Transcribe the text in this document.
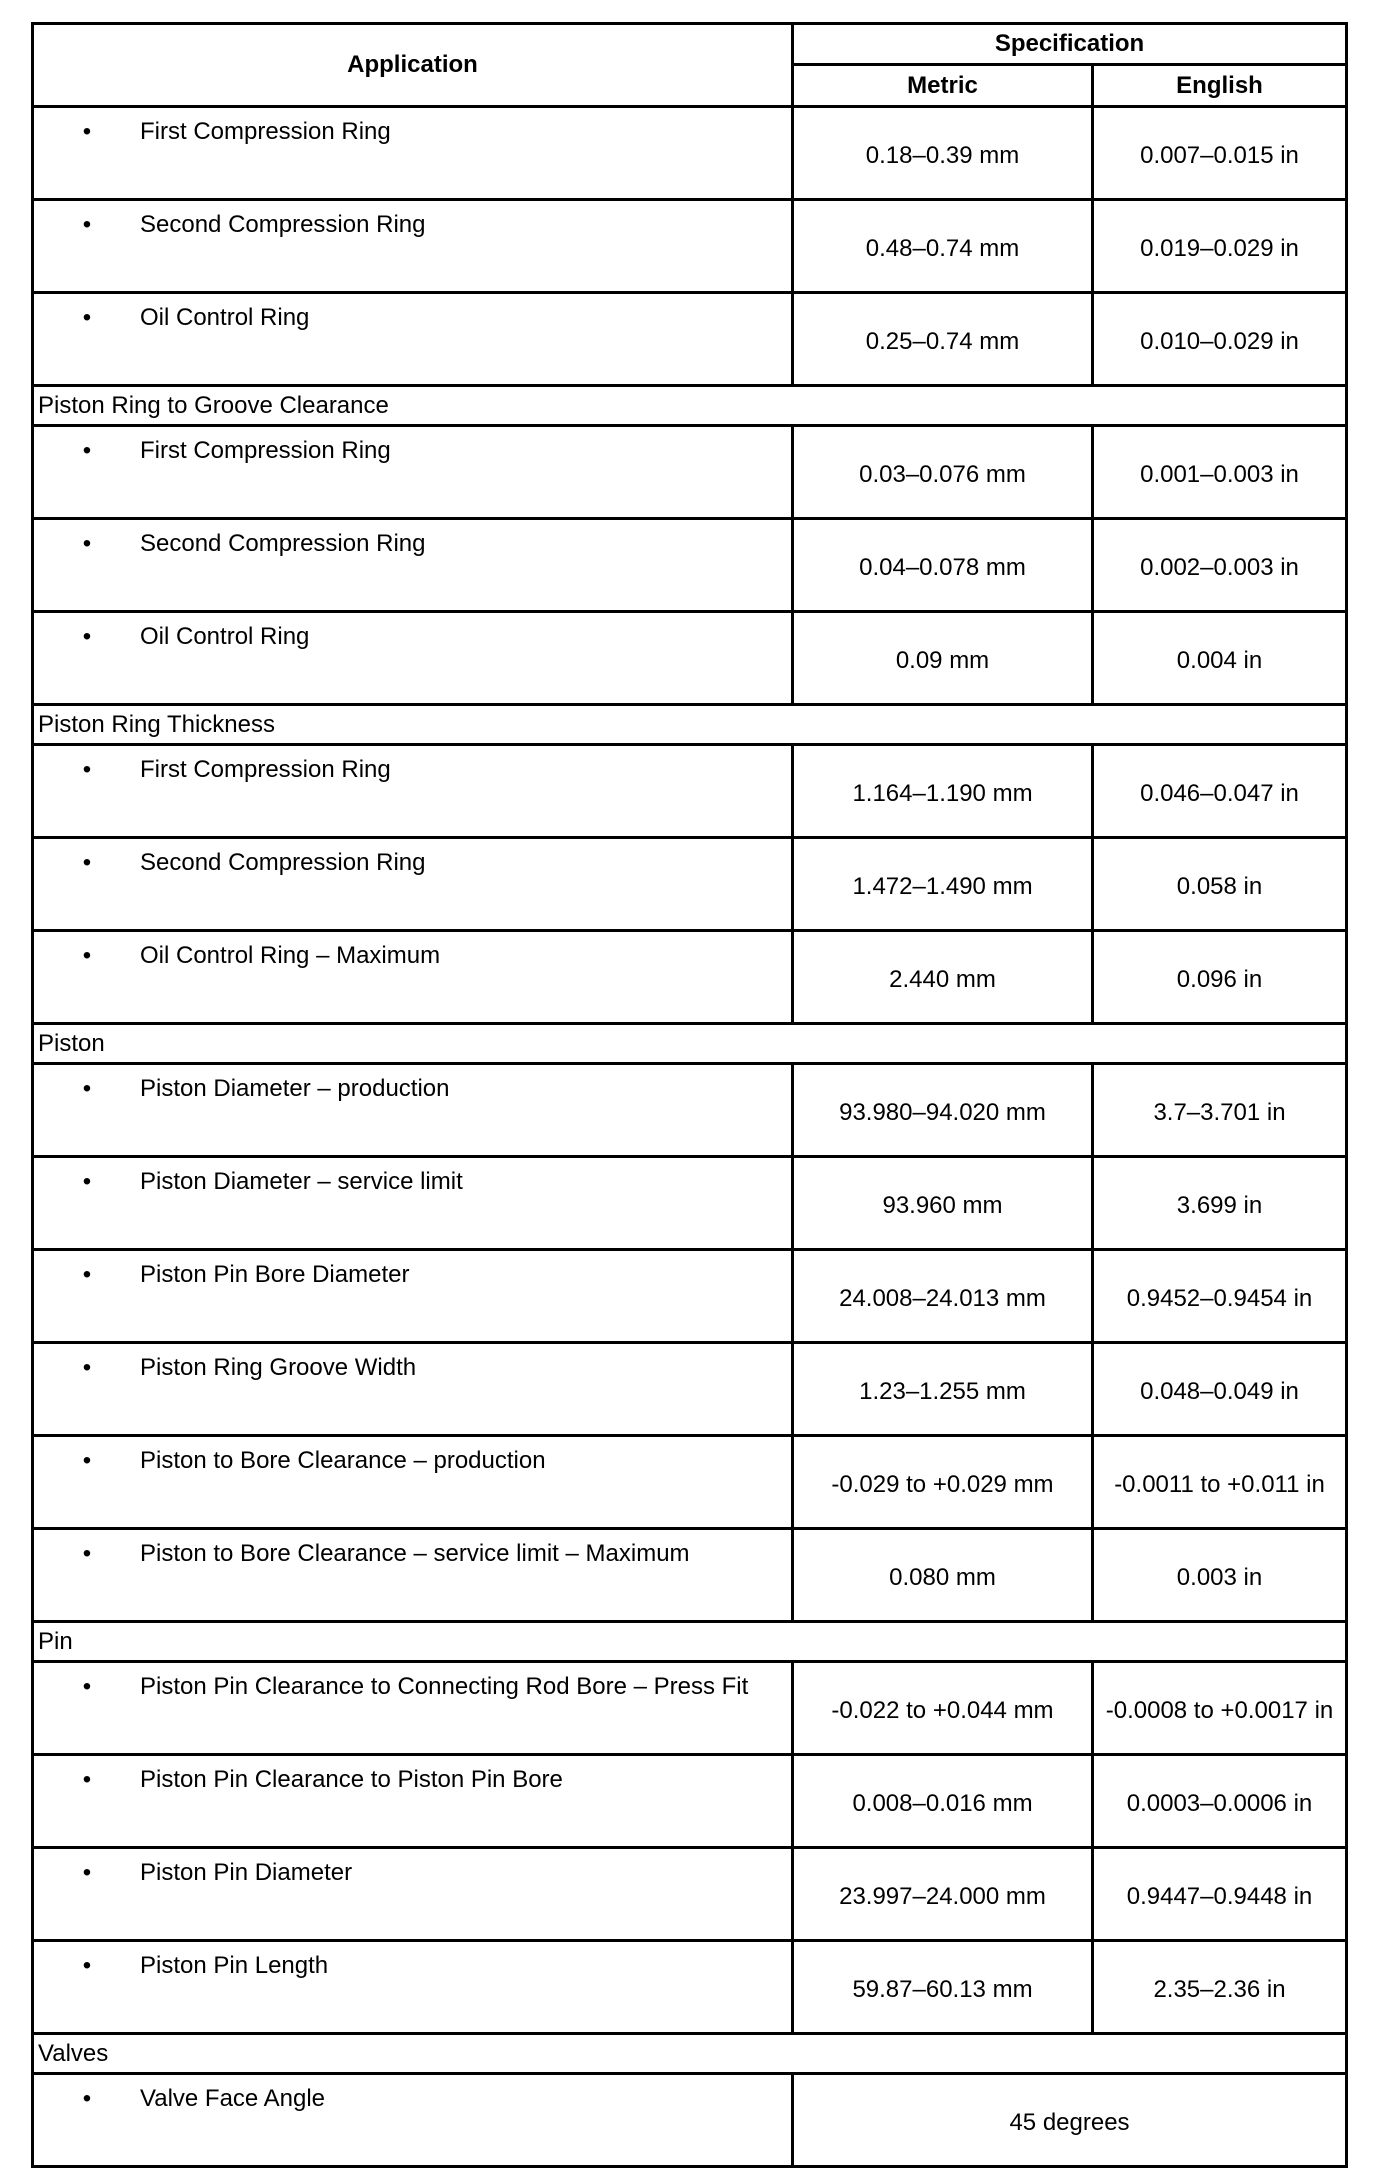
Application	Specification	
	Metric	English
• First Compression Ring	0.18–0.39 mm	0.007–0.015 in
• Second Compression Ring	0.48–0.74 mm	0.019–0.029 in
• Oil Control Ring	0.25–0.74 mm	0.010–0.029 in
Piston Ring to Groove Clearance		
• First Compression Ring	0.03–0.076 mm	0.001–0.003 in
• Second Compression Ring	0.04–0.078 mm	0.002–0.003 in
• Oil Control Ring	0.09 mm	0.004 in
Piston Ring Thickness		
• First Compression Ring	1.164–1.190 mm	0.046–0.047 in
• Second Compression Ring	1.472–1.490 mm	0.058 in
• Oil Control Ring – Maximum	2.440 mm	0.096 in
Piston		
• Piston Diameter – production	93.980–94.020 mm	3.7–3.701 in
• Piston Diameter – service limit	93.960 mm	3.699 in
• Piston Pin Bore Diameter	24.008–24.013 mm	0.9452–0.9454 in
• Piston Ring Groove Width	1.23–1.255 mm	0.048–0.049 in
• Piston to Bore Clearance – production	-0.029 to +0.029 mm	-0.0011 to +0.011 in
• Piston to Bore Clearance – service limit – Maximum	0.080 mm	0.003 in
Pin		
• Piston Pin Clearance to Connecting Rod Bore – Press Fit	-0.022 to +0.044 mm	-0.0008 to +0.0017 in
• Piston Pin Clearance to Piston Pin Bore	0.008–0.016 mm	0.0003–0.0006 in
• Piston Pin Diameter	23.997–24.000 mm	0.9447–0.9448 in
• Piston Pin Length	59.87–60.13 mm	2.35–2.36 in
Valves		
• Valve Face Angle	45 degrees	
